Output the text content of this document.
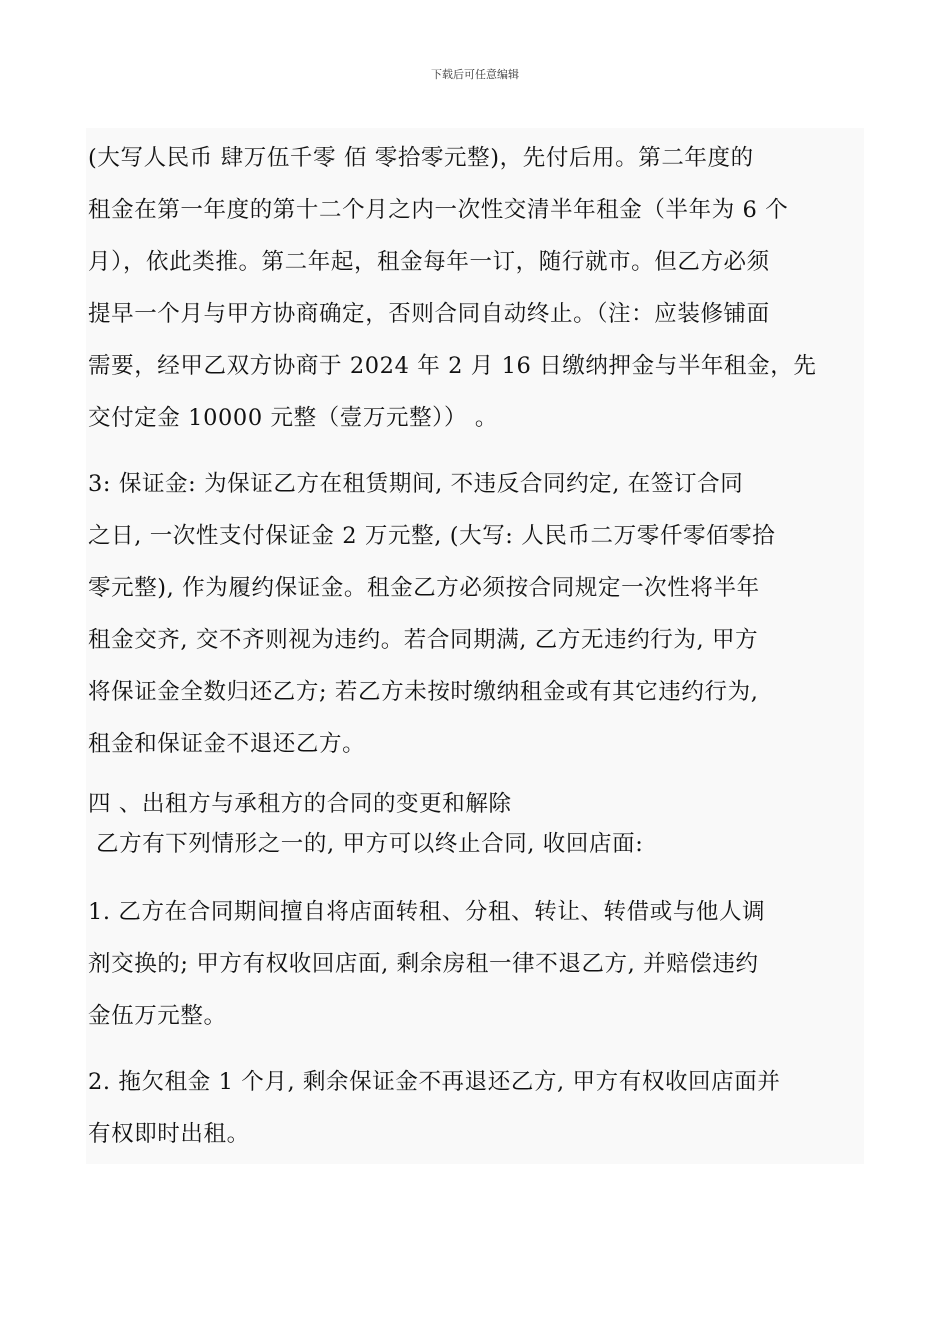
下载后可任意编辑
(大写人民币 肆万伍千零 佰 零拾零元整)，先付后用。第二年度的
租金在第一年度的第十二个月之内一次性交清半年租金（半年为 6 个
月），依此类推。第二年起，租金每年一订，随行就市。但乙方必须
提早一个月与甲方协商确定，否则合同自动终止。（注：应装修铺面
需要，经甲乙双方协商于 2024 年 2 月 16 日缴纳押金与半年租金，先
交付定金 10000 元整（壹万元整）） 。
3: 保证金: 为保证乙方在租赁期间, 不违反合同约定, 在签订合同
之日, 一次性支付保证金 2 万元整, (大写: 人民币二万零仟零佰零拾
零元整), 作为履约保证金。租金乙方必须按合同规定一次性将半年
租金交齐, 交不齐则视为违约。若合同期满, 乙方无违约行为, 甲方
将保证金全数归还乙方; 若乙方未按时缴纳租金或有其它违约行为,
租金和保证金不退还乙方。
四 、出租方与承租方的合同的变更和解除
乙方有下列情形之一的, 甲方可以终止合同, 收回店面:
1. 乙方在合同期间擅自将店面转租、分租、转让、转借或与他人调
剂交换的; 甲方有权收回店面, 剩余房租一律不退乙方, 并赔偿违约
金伍万元整。
2. 拖欠租金 1 个月, 剩余保证金不再退还乙方, 甲方有权收回店面并
有权即时出租。
